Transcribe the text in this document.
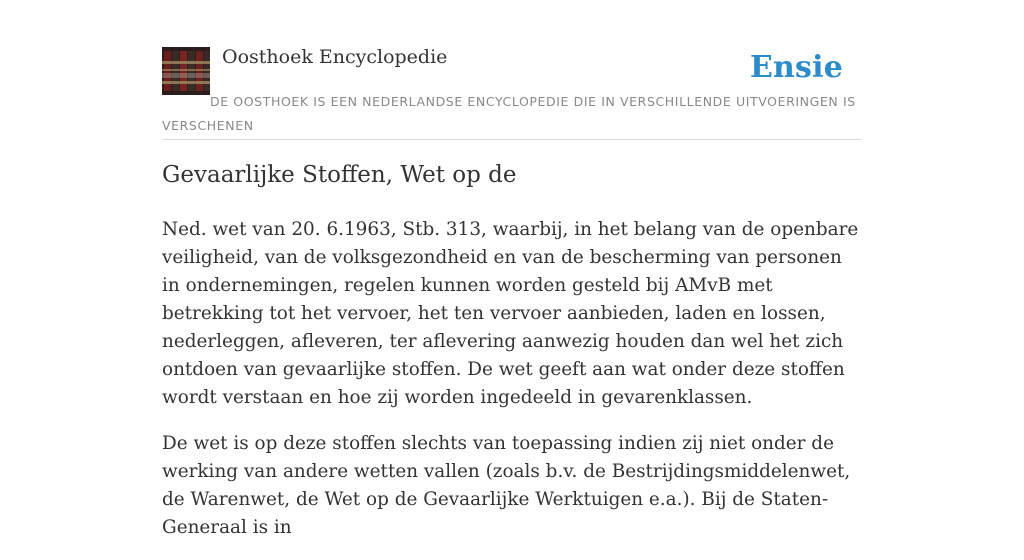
Oosthoek Encyclopedie	Ensie
DE OOSTHOEK IS EEN NEDERLANDSE ENCYCLOPEDIE DIE IN VERSCHILLENDE UITVOERINGEN IS VERSCHENEN
Gevaarlijke Stoffen, Wet op de

Ned. wet van 20. 6.1963, Stb. 313, waarbij, in het belang van de openbare veiligheid, van de volksgezondheid en van de bescherming van personen in ondernemingen, regelen kunnen worden gesteld bij AMvB met betrekking tot het vervoer, het ten vervoer aanbieden, laden en lossen, nederleggen, afleveren, ter aflevering aanwezig houden dan wel het zich ontdoen van gevaarlijke stoffen. De wet geeft aan wat onder deze stoffen wordt verstaan en hoe zij worden ingedeeld in gevarenklassen.

De wet is op deze stoffen slechts van toepassing indien zij niet onder de werking van andere wetten vallen (zoals b.v. de Bestrijdingsmiddelenwet, de Warenwet, de Wet op de Gevaarlijke Werktuigen e.a.). Bij de Staten-Generaal is in
